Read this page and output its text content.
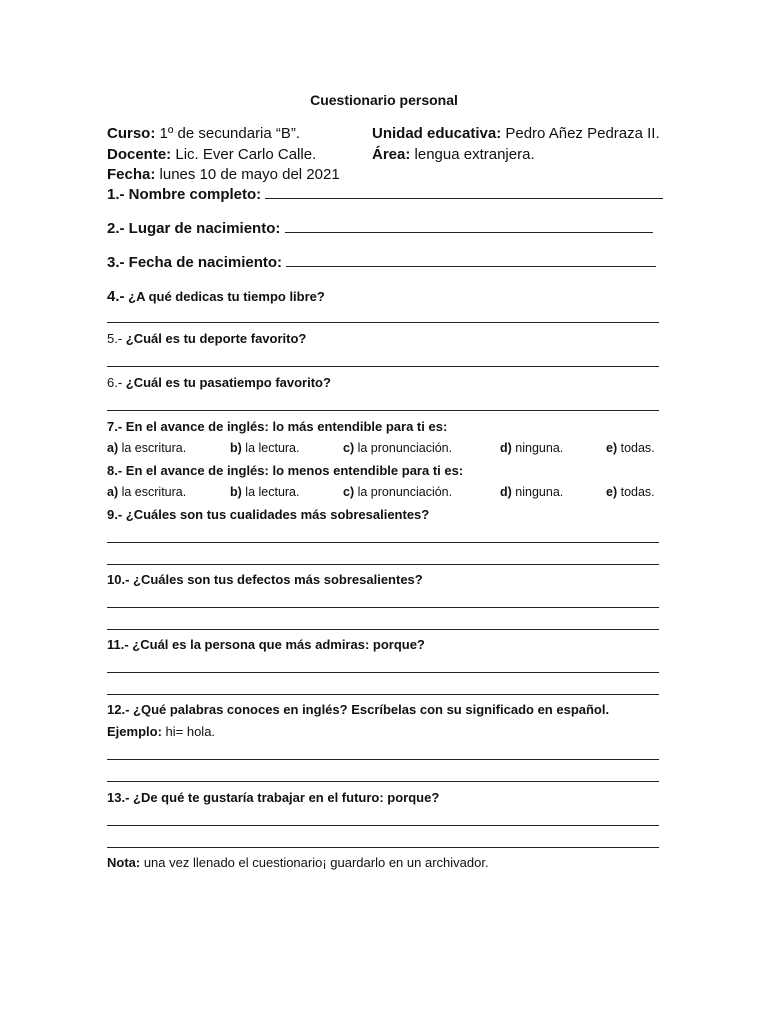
Cuestionario personal
Curso: 1º de secundaria “B”.	Unidad educativa: Pedro Añez Pedraza II.
Docente: Lic. Ever Carlo Calle.	Área: lengua extranjera.
Fecha: lunes 10 de mayo del 2021
1.- Nombre completo:
2.- Lugar de nacimiento:
3.- Fecha de nacimiento:
4.- ¿A qué dedicas tu tiempo libre?
5.- ¿Cuál es tu deporte favorito?
6.- ¿Cuál es tu pasatiempo favorito?
7.- En el avance de inglés: lo más entendible para ti es:
a) la escritura.	b) la lectura.	c) la pronunciación.	d) ninguna.	e) todas.
8.- En el avance de inglés: lo menos entendible para ti es:
a) la escritura.	b) la lectura.	c) la pronunciación.	d) ninguna.	e) todas.
9.- ¿Cuáles son tus cualidades más sobresalientes?
10.- ¿Cuáles son tus defectos más sobresalientes?
11.- ¿Cuál es la persona que más admiras: porque?
12.- ¿Qué palabras conoces en inglés? Escríbelas con su significado en español.
Ejemplo: hi= hola.
13.- ¿De qué te gustaría trabajar en el futuro: porque?
Nota: una vez llenado el cuestionario¡ guardarlo en un archivador.
